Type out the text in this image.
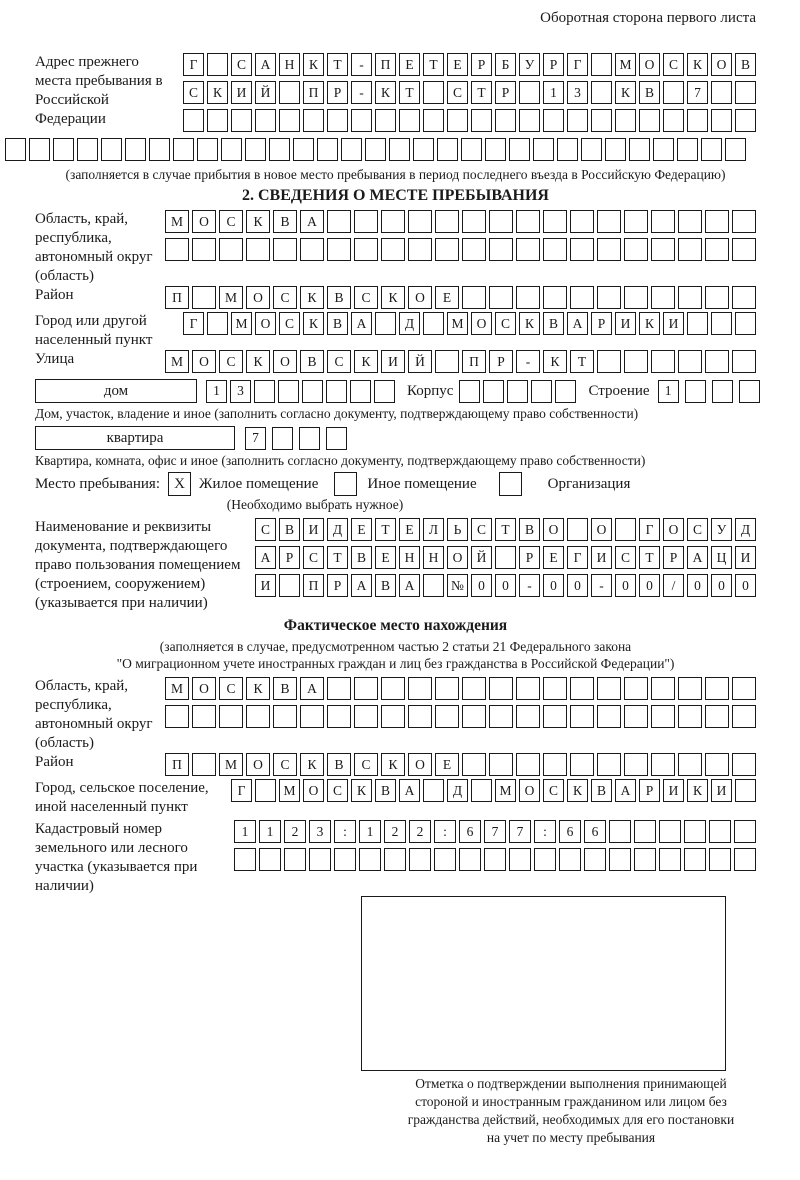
Оборотная сторона первого листа
Адрес прежнего места пребывания в Российской Федерации
Г	С	А	Н	К	Т	-	П	Е	Т	Е	Р	Б	У	Р	Г	М О	С	К	О	В
С	К	И	Й	П	Р	-	К	Т	С	Т	Р	1	3	К	В	7
(заполняется в случае прибытия в новое место пребывания в период последнего въезда в Российскую Федерацию)
2. СВЕДЕНИЯ О МЕСТЕ ПРЕБЫВАНИЯ
Область, край, республика, автономный округ (область)
М	О	С	К	В	А
Район	П	М	О	С	К	В	С	К	О	Е
Город или другой населенный пункт
Г	М О	С	К	В	А	Д	М О	С	К	В	А	Р	И	К	И
Улица	М	О	С	К	О	В	С	К	И	Й	П	Р	-	К	Т
дом	1	3	Корпус	Строение	1
Дом, участок, владение и иное (заполнить согласно документу, подтверждающему право собственности)
квартира	7
Квартира, комната, офис и иное (заполнить согласно документу, подтверждающему право собственности)
Место пребывания: X Жилое помещение	Иное помещение	Организация
(Необходимо выбрать нужное)
Наименование и реквизиты документа, подтверждающего право пользования помещением (строением, сооружением) (указывается при наличии)
С	В	И	Д	Е	Т	Е	Л	Ь	С	Т	В	О	О	Г	О	С	У	Д
А	Р	С	Т	В	Е	Н	Н	О	Й	Р	Е	Г	И	С	Т	Р	А	Ц	И
И	П	Р	А	В	А	№	0	0	-	0	0	-	0	0	/	0	0	0
Фактическое место нахождения
(заполняется в случае, предусмотренном частью 2 статьи 21 Федерального закона
"О миграционном учете иностранных граждан и лиц без гражданства в Российской Федерации")
Область, край, республика, автономный округ (область)
М	О	С	К	В	А
Район	П	М	О	С	К	В	С	К	О	Е
Город, сельское поселение, иной населенный пункт
Г	М О	С	К	В	А	Д	М О	С	К	В	А	Р	И	К	И
Кадастровый номер земельного или лесного участка (указывается при наличии)
1	1	2	3	:	1	2	2	:	6	7	7	:	6	6
Отметка о подтверждении выполнения принимающей
стороной и иностранным гражданином или лицом без
гражданства действий, необходимых для его постановки
на учет по месту пребывания
